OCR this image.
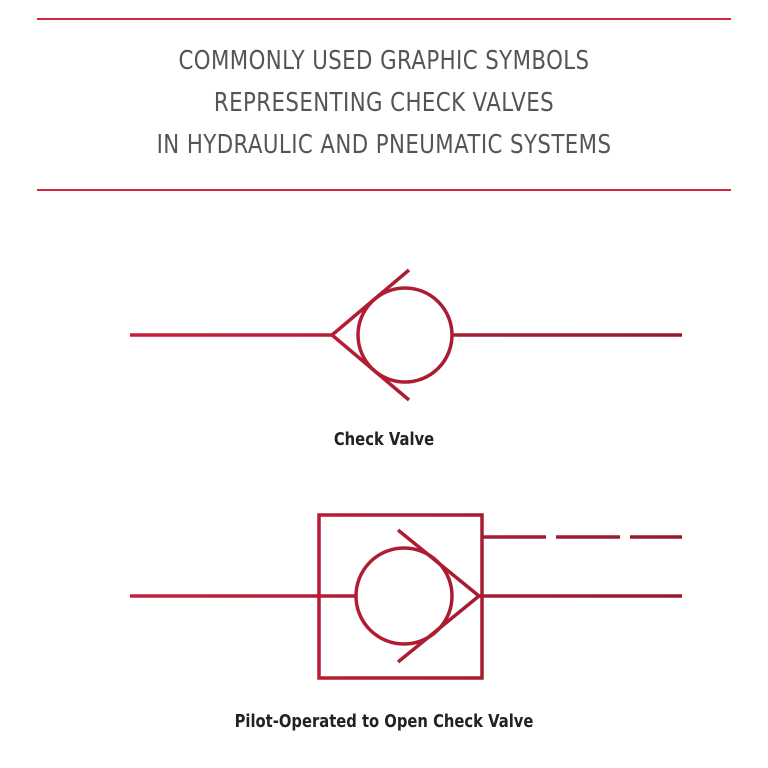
COMMONLY USED GRAPHIC SYMBOLS
REPRESENTING CHECK VALVES
IN HYDRAULIC AND PNEUMATIC SYSTEMS
Check Valve
Pilot-Operated to Open Check Valve
